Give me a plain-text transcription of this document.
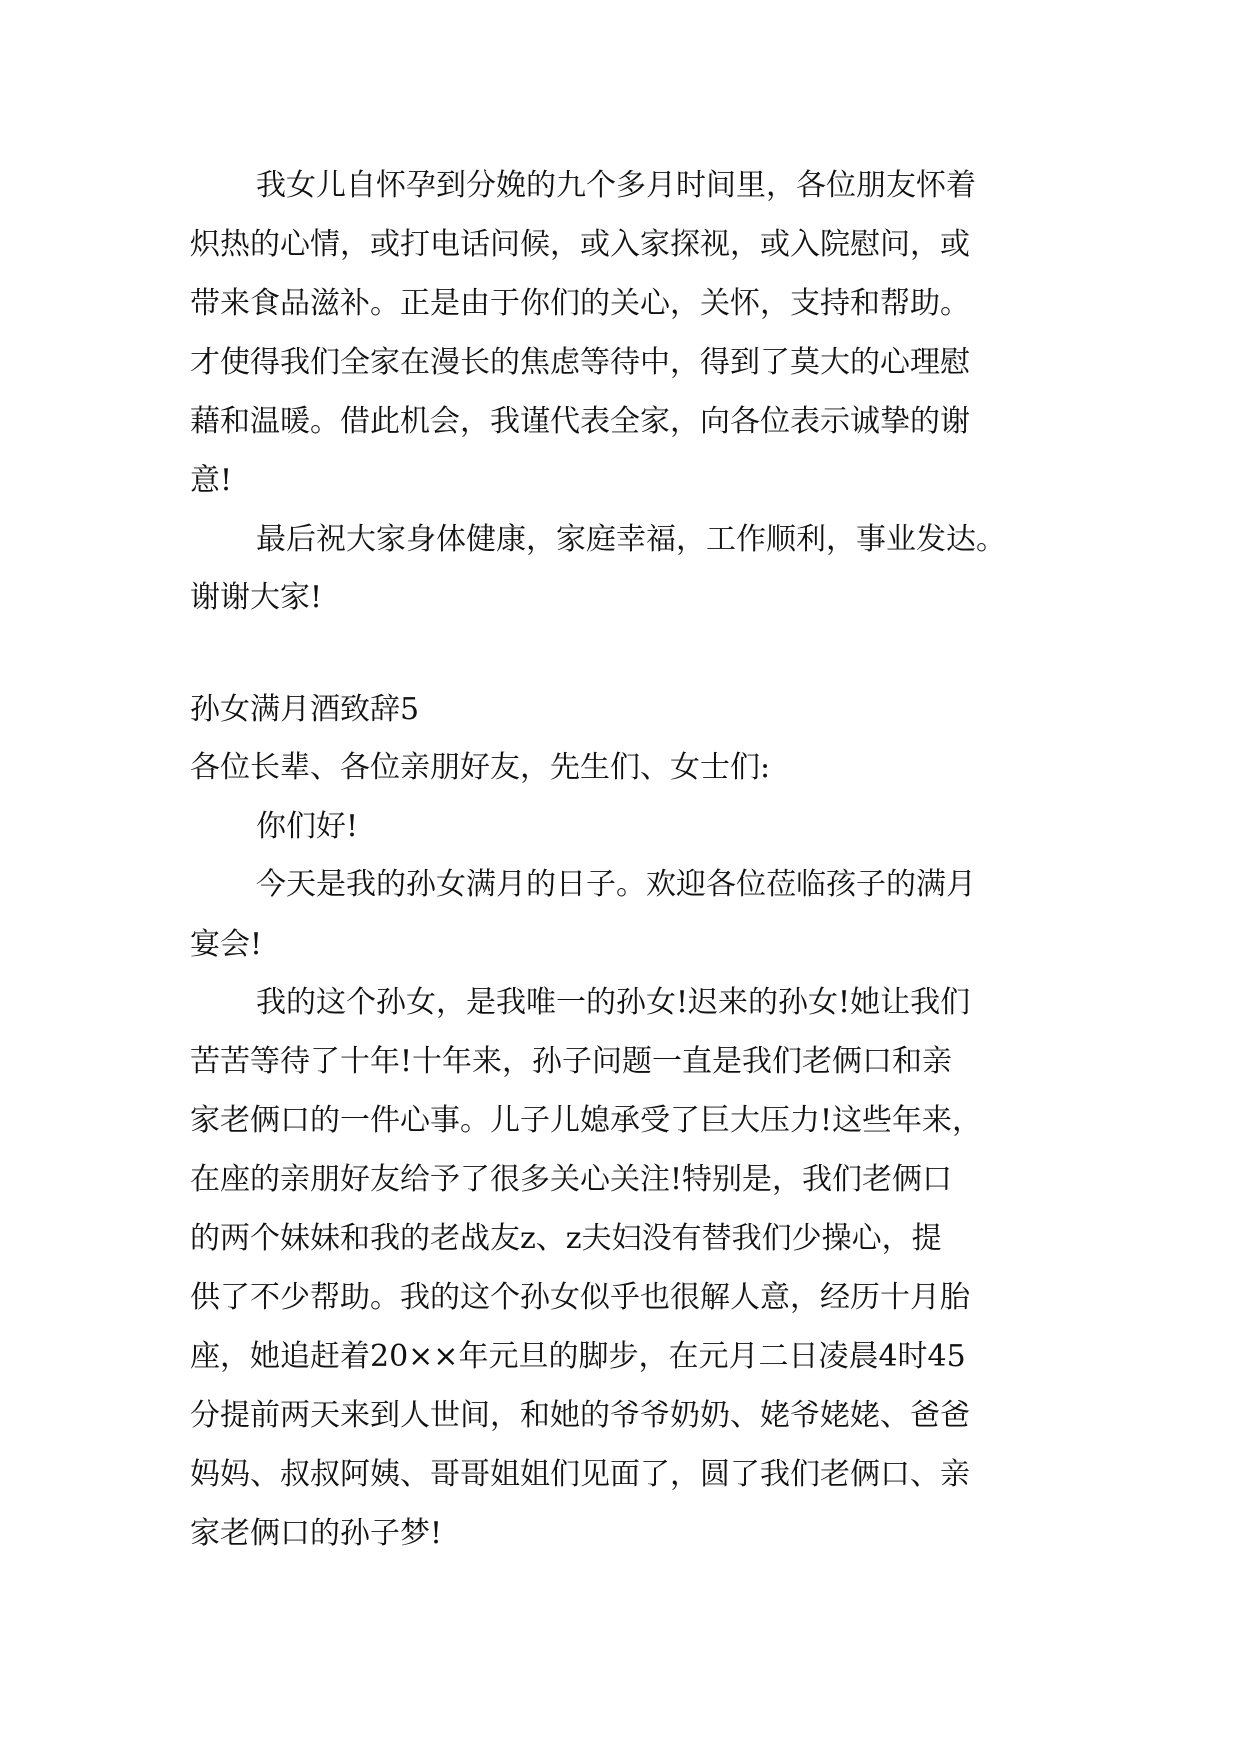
我女儿自怀孕到分娩的九个多月时间里，各位朋友怀着
炽热的心情，或打电话问候，或入家探视，或入院慰问，或
带来食品滋补。正是由于你们的关心，关怀，支持和帮助。
才使得我们全家在漫长的焦虑等待中，得到了莫大的心理慰
藉和温暖。借此机会，我谨代表全家，向各位表示诚挚的谢
意!
最后祝大家身体健康，家庭幸福，工作顺利，事业发达。
谢谢大家!
孙女满月酒致辞5
各位长辈、各位亲朋好友，先生们、女士们:
你们好!
今天是我的孙女满月的日子。欢迎各位莅临孩子的满月
宴会!
我的这个孙女，是我唯一的孙女!迟来的孙女!她让我们
苦苦等待了十年!十年来，孙子问题一直是我们老俩口和亲
家老俩口的一件心事。儿子儿媳承受了巨大压力!这些年来，
在座的亲朋好友给予了很多关心关注!特别是，我们老俩口
的两个妹妹和我的老战友z、z夫妇没有替我们少操心，提
供了不少帮助。我的这个孙女似乎也很解人意，经历十月胎
座，她追赶着20××年元旦的脚步，在元月二日凌晨4时45
分提前两天来到人世间，和她的爷爷奶奶、姥爷姥姥、爸爸
妈妈、叔叔阿姨、哥哥姐姐们见面了，圆了我们老俩口、亲
家老俩口的孙子梦!
